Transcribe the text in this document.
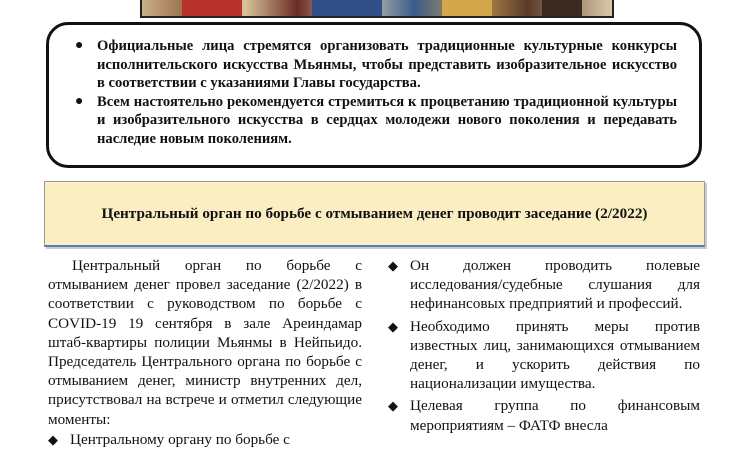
● Официальные лица стремятся организовать традиционные культурные конкурсы исполнительского искусства Мьянмы, чтобы представить изобразительное искусство в соответствии с указаниями Главы государства.
● Всем настоятельно рекомендуется стремиться к процветанию традиционной культуры и изобразительного искусства в сердцах молодежи нового поколения и передавать наследие новым поколениям.
Центральный орган по борьбе с отмыванием денег проводит заседание (2/2022)

Центральный орган по борьбе с отмыванием денег провел заседание (2/2022) в соответствии с руководством по борьбе с COVID-19 19 сентября в зале Ареиндамар штаб-квартиры полиции Мьянмы в Нейпьидо. Председатель Центрального органа по борьбе с отмыванием денег, министр внутренних дел, присутствовал на встрече и отметил следующие моменты:

◆ Центральному органу по борьбе с

◆ Он должен проводить полевые исследования/судебные слушания для нефинансовых предприятий и профессий.

◆ Необходимо принять меры против известных лиц, занимающихся отмыванием денег, и ускорить действия по национализации имущества.

◆ Целевая группа по финансовым мероприятиям – ФАТФ внесла
